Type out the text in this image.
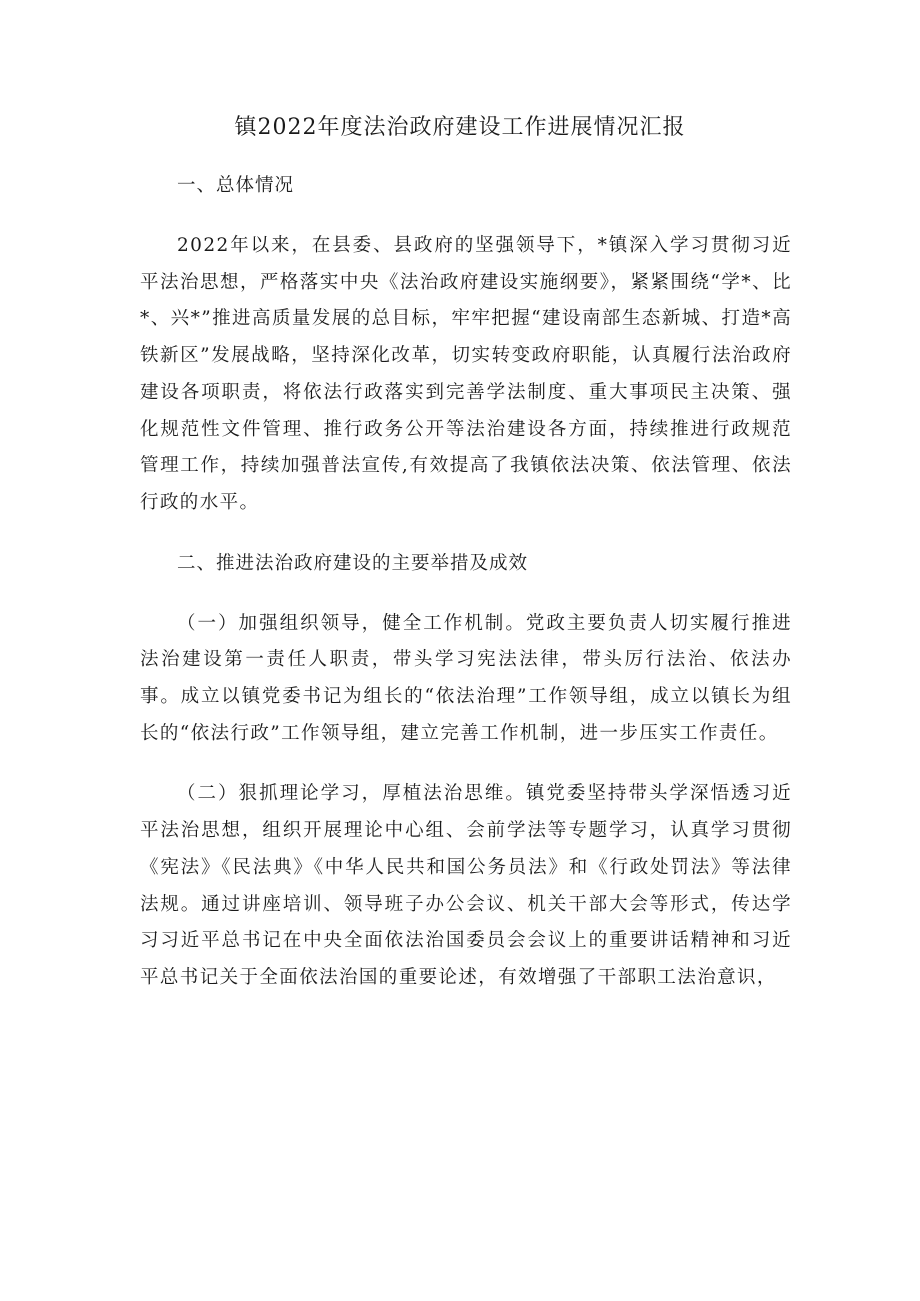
镇2022年度法治政府建设工作进展情况汇报

一、总体情况

2022年以来，在县委、县政府的坚强领导下，*镇深入学习贯彻习近平法治思想，严格落实中央《法治政府建设实施纲要》，紧紧围绕“学*、比*、兴*”推进高质量发展的总目标，牢牢把握“建设南部生态新城、打造*高铁新区”发展战略，坚持深化改革，切实转变政府职能，认真履行法治政府建设各项职责，将依法行政落实到完善学法制度、重大事项民主决策、强化规范性文件管理、推行政务公开等法治建设各方面，持续推进行政规范管理工作，持续加强普法宣传,有效提高了我镇依法决策、依法管理、依法行政的水平。

二、推进法治政府建设的主要举措及成效

（一）加强组织领导，健全工作机制。党政主要负责人切实履行推进法治建设第一责任人职责，带头学习宪法法律，带头厉行法治、依法办事。成立以镇党委书记为组长的“依法治理”工作领导组，成立以镇长为组长的“依法行政”工作领导组，建立完善工作机制，进一步压实工作责任。

（二）狠抓理论学习，厚植法治思维。镇党委坚持带头学深悟透习近平法治思想，组织开展理论中心组、会前学法等专题学习，认真学习贯彻《宪法》《民法典》《中华人民共和国公务员法》和《行政处罚法》等法律法规。通过讲座培训、领导班子办公会议、机关干部大会等形式，传达学习习近平总书记在中央全面依法治国委员会会议上的重要讲话精神和习近平总书记关于全面依法治国的重要论述，有效增强了干部职工法治意识，
